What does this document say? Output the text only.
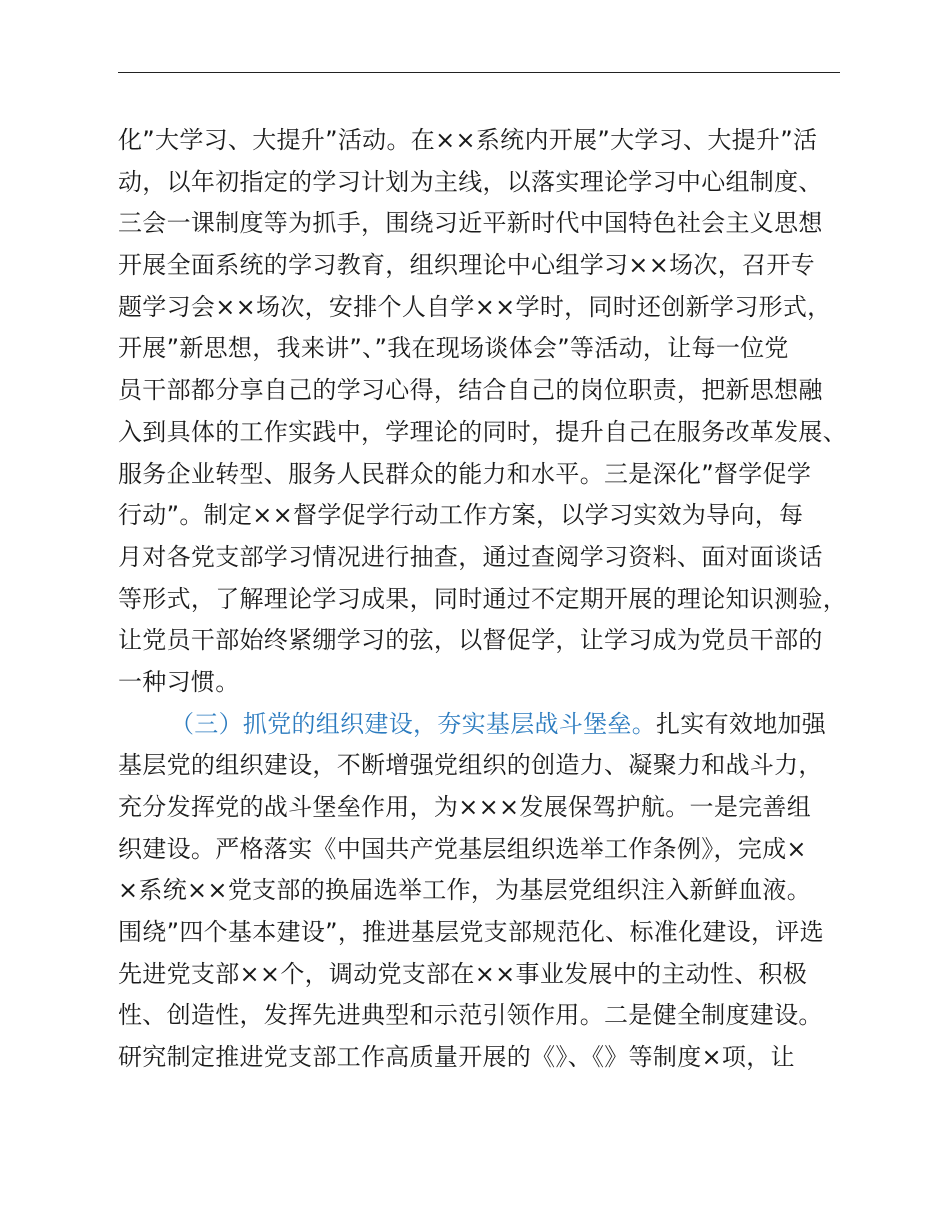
化”大学习、大提升”活动。在××系统内开展”大学习、大提升”活
动，以年初指定的学习计划为主线，以落实理论学习中心组制度、
三会一课制度等为抓手，围绕习近平新时代中国特色社会主义思想
开展全面系统的学习教育，组织理论中心组学习××场次，召开专
题学习会××场次，安排个人自学××学时，同时还创新学习形式，
开展”新思想，我来讲”、”我在现场谈体会”等活动，让每一位党
员干部都分享自己的学习心得，结合自己的岗位职责，把新思想融
入到具体的工作实践中，学理论的同时，提升自己在服务改革发展、
服务企业转型、服务人民群众的能力和水平。三是深化”督学促学
行动”。制定××督学促学行动工作方案，以学习实效为导向，每
月对各党支部学习情况进行抽查，通过查阅学习资料、面对面谈话
等形式，了解理论学习成果，同时通过不定期开展的理论知识测验，
让党员干部始终紧绷学习的弦，以督促学，让学习成为党员干部的
一种习惯。
（三）抓党的组织建设，夯实基层战斗堡垒。扎实有效地加强
基层党的组织建设，不断增强党组织的创造力、凝聚力和战斗力，
充分发挥党的战斗堡垒作用，为×××发展保驾护航。一是完善组
织建设。严格落实《中国共产党基层组织选举工作条例》，完成×
×系统××党支部的换届选举工作，为基层党组织注入新鲜血液。
围绕”四个基本建设”，推进基层党支部规范化、标准化建设，评选
先进党支部××个，调动党支部在××事业发展中的主动性、积极
性、创造性，发挥先进典型和示范引领作用。二是健全制度建设。
研究制定推进党支部工作高质量开展的《》、《》等制度×项，让
